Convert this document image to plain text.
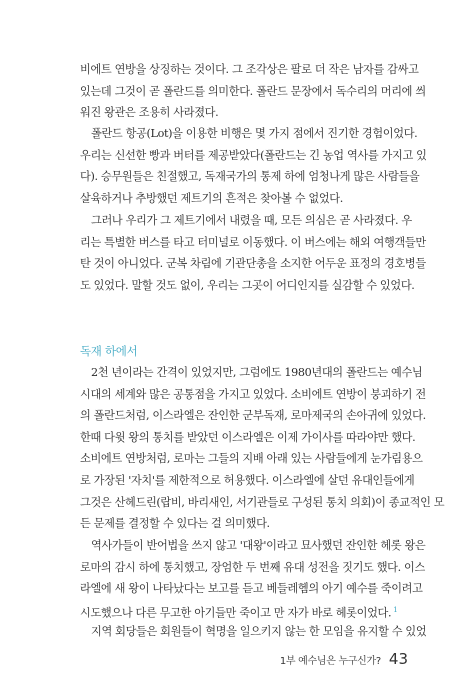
비에트 연방을 상징하는 것이다. 그 조각상은 팔로 더 작은 남자를 감싸고
있는데 그것이 곧 폴란드를 의미한다. 폴란드 문장에서 독수리의 머리에 씌
워진 왕관은 조용히 사라졌다.
폴란드 항공(Lot)을 이용한 비행은 몇 가지 점에서 진기한 경험이었다.
우리는 신선한 빵과 버터를 제공받았다(폴란드는 긴 농업 역사를 가지고 있
다). 승무원들은 친절했고, 독재국가의 통제 하에 엄청나게 많은 사람들을
살육하거나 추방했던 제트기의 흔적은 찾아볼 수 없었다.
그러나 우리가 그 제트기에서 내렸을 때, 모든 의심은 곧 사라졌다. 우
리는 특별한 버스를 타고 터미널로 이동했다. 이 버스에는 해외 여행객들만
탄 것이 아니었다. 군복 차림에 기관단총을 소지한 어두운 표정의 경호병들
도 있었다. 말할 것도 없이, 우리는 그곳이 어디인지를 실감할 수 있었다.
독재 하에서
2천 년이라는 간격이 있었지만, 그럼에도 1980년대의 폴란드는 예수님
시대의 세계와 많은 공통점을 가지고 있었다. 소비에트 연방이 붕괴하기 전
의 폴란드처럼, 이스라엘은 잔인한 군부독재, 로마제국의 손아귀에 있었다.
한때 다윗 왕의 통치를 받았던 이스라엘은 이제 가이사를 따라야만 했다.
소비에트 연방처럼, 로마는 그들의 지배 아래 있는 사람들에게 눈가림용으
로 가장된 '자치'를 제한적으로 허용했다. 이스라엘에 살던 유대인들에게
그것은 산헤드린(랍비, 바리새인, 서기관들로 구성된 통치 의회)이 종교적인 모
든 문제를 결정할 수 있다는 걸 의미했다.
역사가들이 반어법을 쓰지 않고 '대왕'이라고 묘사했던 잔인한 헤롯 왕은
로마의 감시 하에 통치했고, 장엄한 두 번째 유대 성전을 짓기도 했다. 이스
라엘에 새 왕이 나타났다는 보고를 듣고 베들레헴의 아기 예수를 죽이려고
시도했으나 다른 무고한 아기들만 죽이고 만 자가 바로 헤롯이었다. $^1$
지역 회당들은 회원들이 혁명을 일으키지 않는 한 모임을 유지할 수 있었
1부 예수님은 누구신가? 43
